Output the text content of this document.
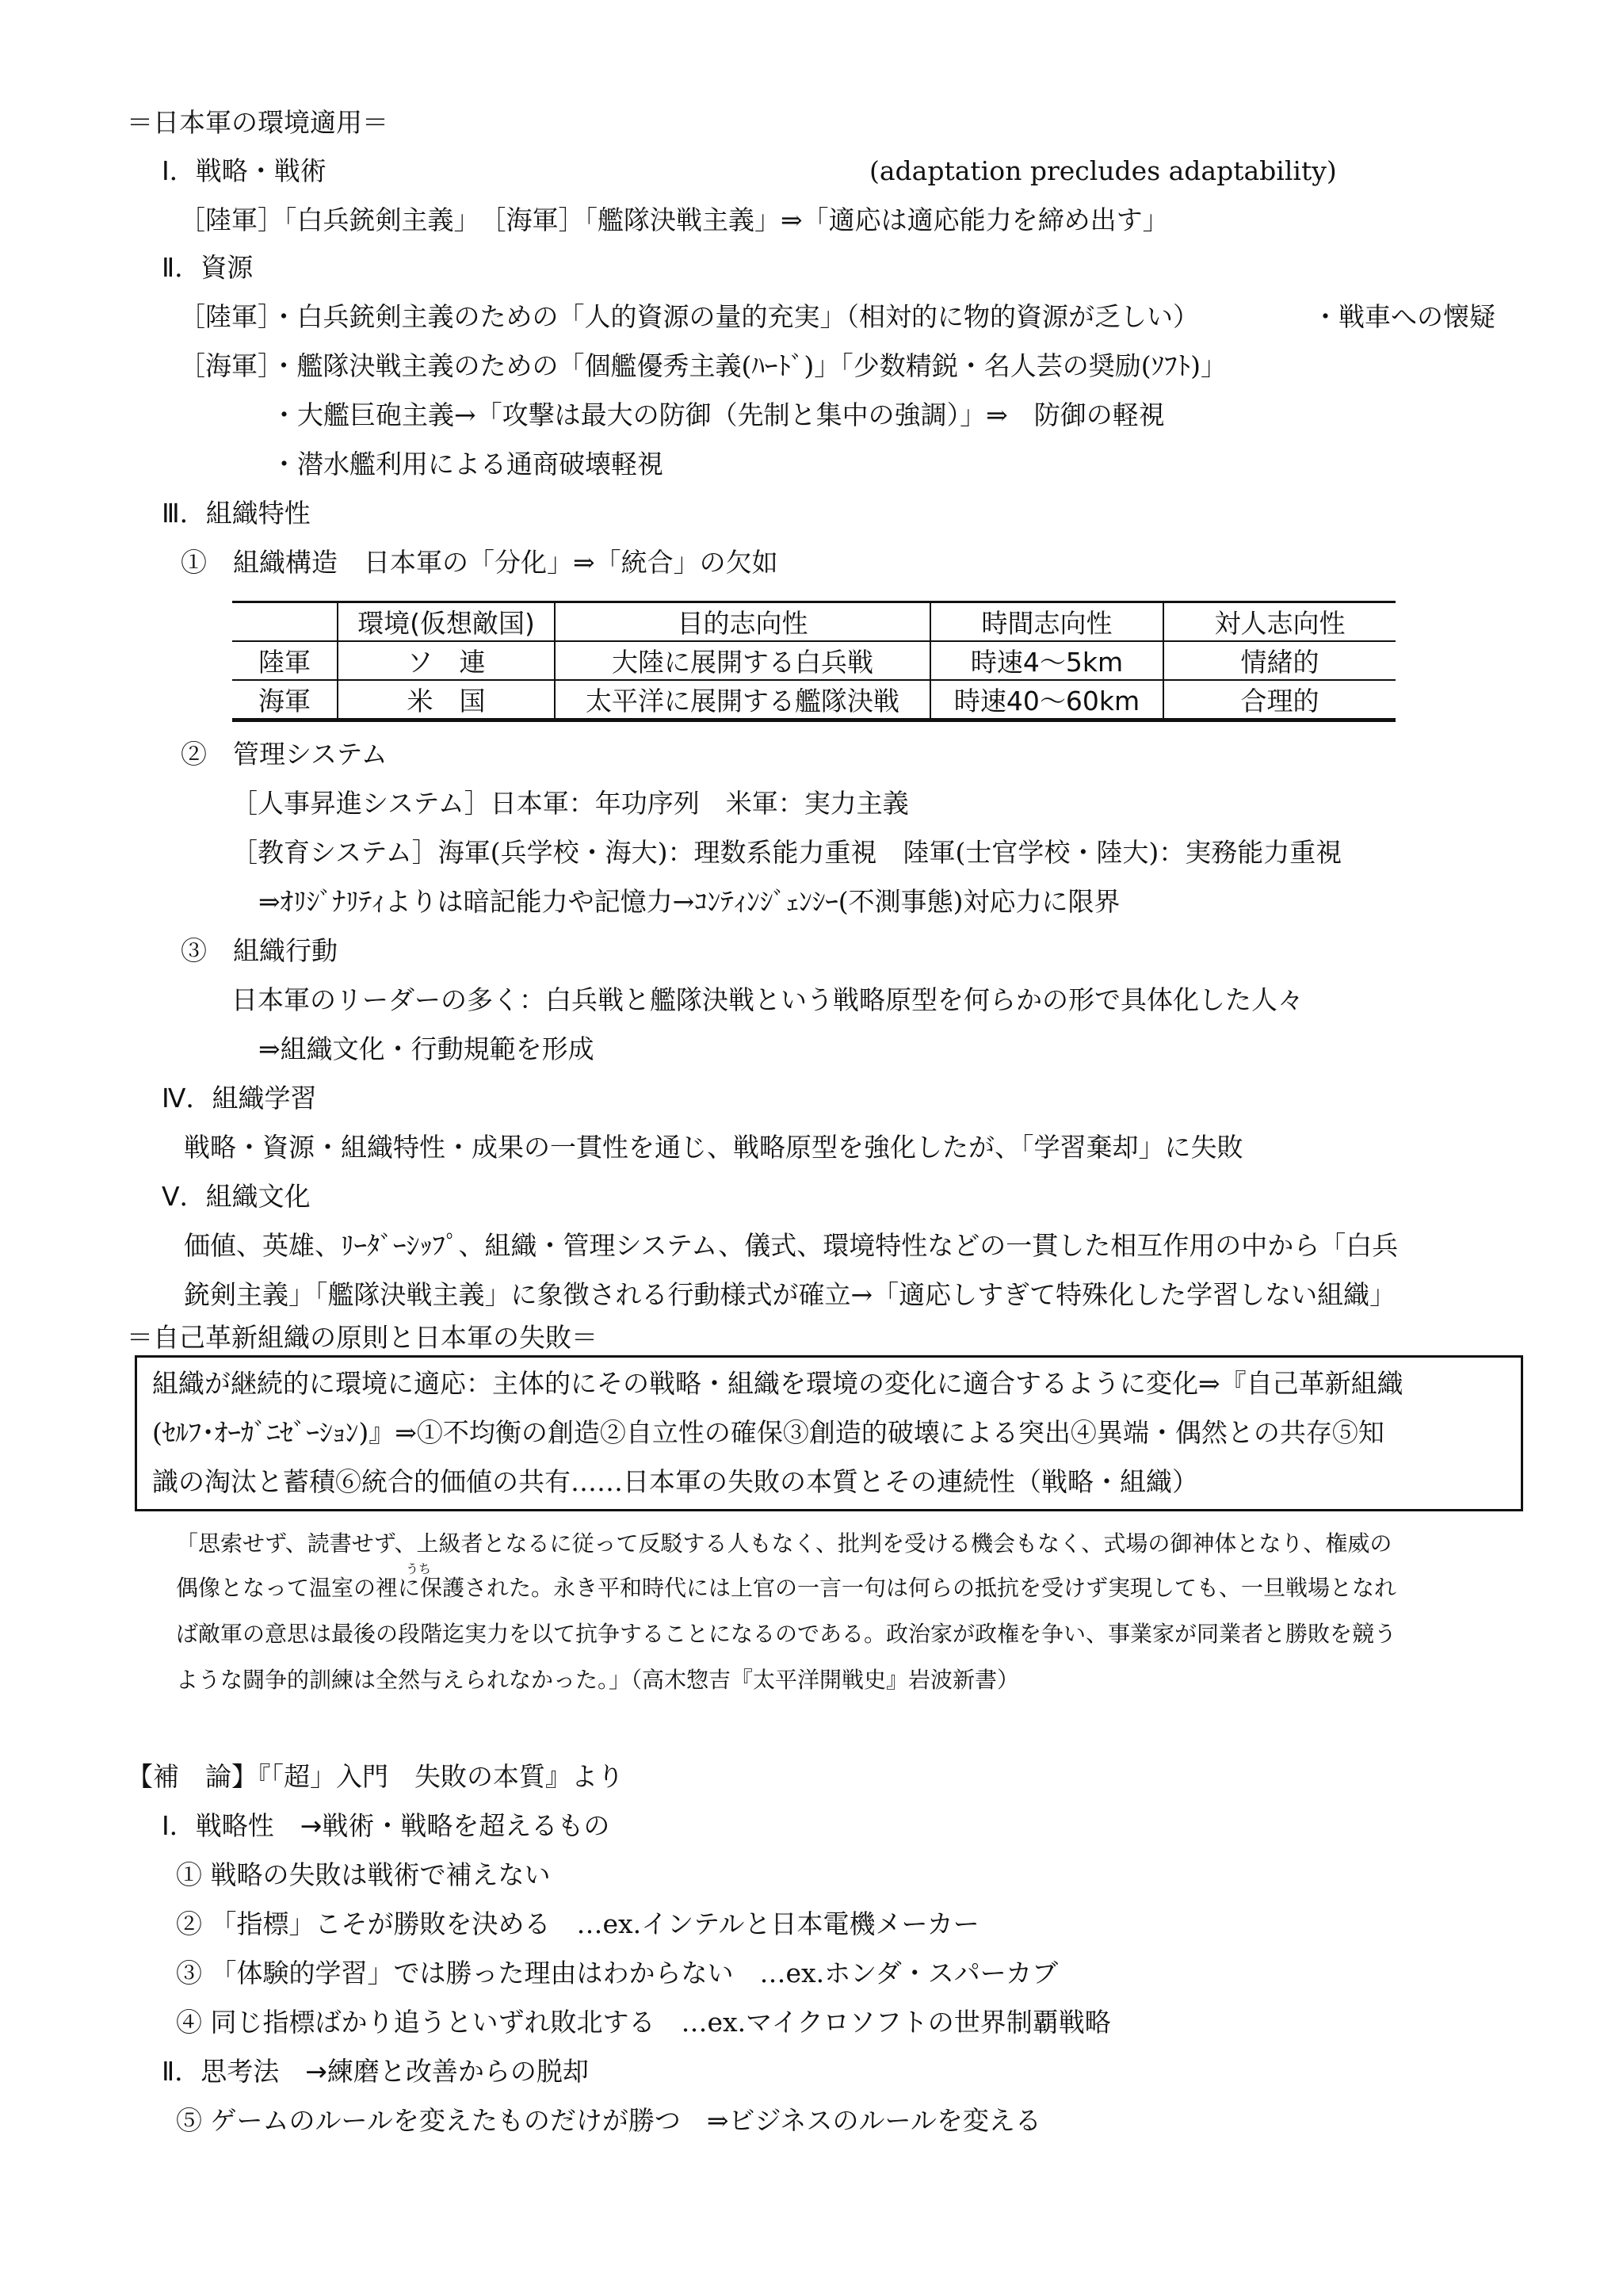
＝日本軍の環境適用＝
Ⅰ．戦略・戦術	(adaptation precludes adaptability)
［陸軍］「白兵銃剣主義」　［海軍］「艦隊決戦主義」⇒「適応は適応能力を締め出す」
Ⅱ．資源
［陸軍］・白兵銃剣主義のための「人的資源の量的充実」（相対的に物的資源が乏しい）	・戦車への懐疑
［海軍］・艦隊決戦主義のための「個艦優秀主義(ﾊｰﾄﾞ)」「少数精鋭・名人芸の奨励(ｿﾌﾄ)」
・大艦巨砲主義→「攻撃は最大の防御（先制と集中の強調）」⇒　防御の軽視
・潜水艦利用による通商破壊軽視
Ⅲ．組織特性
①　組織構造　日本軍の「分化」⇒「統合」の欠如
	環境(仮想敵国)	目的志向性	時間志向性	対人志向性
陸軍	ソ　連	大陸に展開する白兵戦	時速4～5km	情緒的
海軍	米　国	太平洋に展開する艦隊決戦	時速40～60km	合理的
②　管理システム
［人事昇進システム］日本軍：年功序列　米軍：実力主義
［教育システム］海軍(兵学校・海大)：理数系能力重視　陸軍(士官学校・陸大)：実務能力重視
⇒ｵﾘｼﾞﾅﾘﾃｨよりは暗記能力や記憶力→ｺﾝﾃｨﾝｼﾞｪﾝｼｰ(不測事態)対応力に限界
③　組織行動
日本軍のリーダーの多く：白兵戦と艦隊決戦という戦略原型を何らかの形で具体化した人々
⇒組織文化・行動規範を形成
Ⅳ．組織学習
戦略・資源・組織特性・成果の一貫性を通じ、戦略原型を強化したが、「学習棄却」に失敗
Ⅴ．組織文化
価値、英雄、ﾘｰﾀﾞｰｼｯﾌﾟ、組織・管理システム、儀式、環境特性などの一貫した相互作用の中から「白兵
銃剣主義」「艦隊決戦主義」に象徴される行動様式が確立→「適応しすぎて特殊化した学習しない組織」
＝自己革新組織の原則と日本軍の失敗＝
組織が継続的に環境に適応：主体的にその戦略・組織を環境の変化に適合するように変化⇒『自己革新組織
(ｾﾙﾌ･ｵｰｶﾞﾆｾﾞｰｼｮﾝ)』⇒①不均衡の創造②自立性の確保③創造的破壊による突出④異端・偶然との共存⑤知
識の淘汰と蓄積⑥統合的価値の共有……日本軍の失敗の本質とその連続性（戦略・組織）
「思索せず、読書せず、上級者となるに従って反駁する人もなく、批判を受ける機会もなく、式場の御神体となり、権威の
うち
偶像となって温室の裡に保護された。永き平和時代には上官の一言一句は何らの抵抗を受けず実現しても、一旦戦場となれ
ば敵軍の意思は最後の段階迄実力を以て抗争することになるのである。政治家が政権を争い、事業家が同業者と勝敗を競う
ような闘争的訓練は全然与えられなかった。」（高木惣吉『太平洋開戦史』岩波新書）
【補　論】『「超」入門　失敗の本質』より
Ⅰ．戦略性　→戦術・戦略を超えるもの
① 戦略の失敗は戦術で補えない
② 「指標」こそが勝敗を決める　…ex.インテルと日本電機メーカー
③ 「体験的学習」では勝った理由はわからない　…ex.ホンダ・スパーカブ
④ 同じ指標ばかり追うといずれ敗北する　…ex.マイクロソフトの世界制覇戦略
Ⅱ．思考法　→練磨と改善からの脱却
⑤ ゲームのルールを変えたものだけが勝つ　⇒ビジネスのルールを変える
